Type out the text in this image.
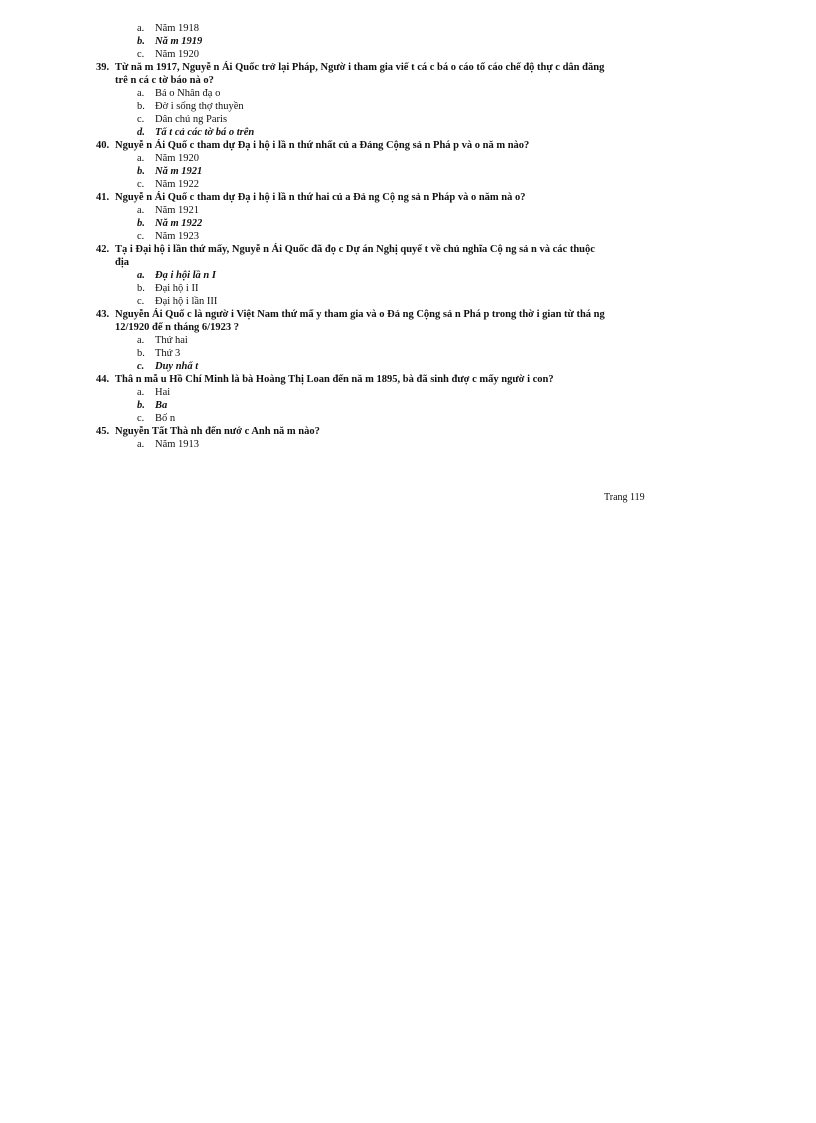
a. Năm 1918
b. Nă m 1919
c. Năm 1920
39. Từ nă m 1917, Nguyễ n Ái Quốc trở lại Pháp, Ngườ i tham gia viế t cá c bá o cáo tố cáo chế độ thự c dân đăng trê n cá c tờ báo nà o?
a. Bá o Nhân đạ o
b. Đờ i sống thợ thuyền
c. Dân chú ng Paris
d. Tấ t cả các tờ bá o trên
40. Nguyễ n Ái Quố c tham dự Đạ i hộ i lầ n thứ nhất củ a Đảng Cộng sả n Phá p và o nă m nào?
a. Năm 1920
b. Nă m 1921
c. Năm 1922
41. Nguyễ n Ái Quố c tham dự Đạ i hộ i lầ n thứ hai củ a Đả ng Cộ ng sả n Pháp và o năm nà o?
a. Năm 1921
b. Nă m 1922
c. Năm 1923
42. Tạ i Đại hộ i lần thứ mấy, Nguyễ n Ái Quốc đã đọ c Dự án Nghị quyế t về chủ nghĩa Cộ ng sả n và các thuộc địa
a. Đạ i hội lầ n I
b. Đại hộ i II
c. Đại hộ i lần III
43. Nguyễn Ái Quố c là ngườ i Việt Nam thứ mấ y tham gia và o Đả ng Cộng sả n Phá p trong thờ i gian từ thá ng 12/1920 đế n tháng 6/1923 ?
a. Thứ hai
b. Thứ 3
c. Duy nhấ t
44. Thâ n mẫ u Hồ Chí Minh là bà Hoàng Thị Loan đến nă m 1895, bà đã sinh đượ c mấy ngườ i con?
a. Hai
b. Ba
c. Bố n
45. Nguyễn Tất Thà nh đến nướ c Anh nă m nào?
a. Năm 1913
Trang 119
